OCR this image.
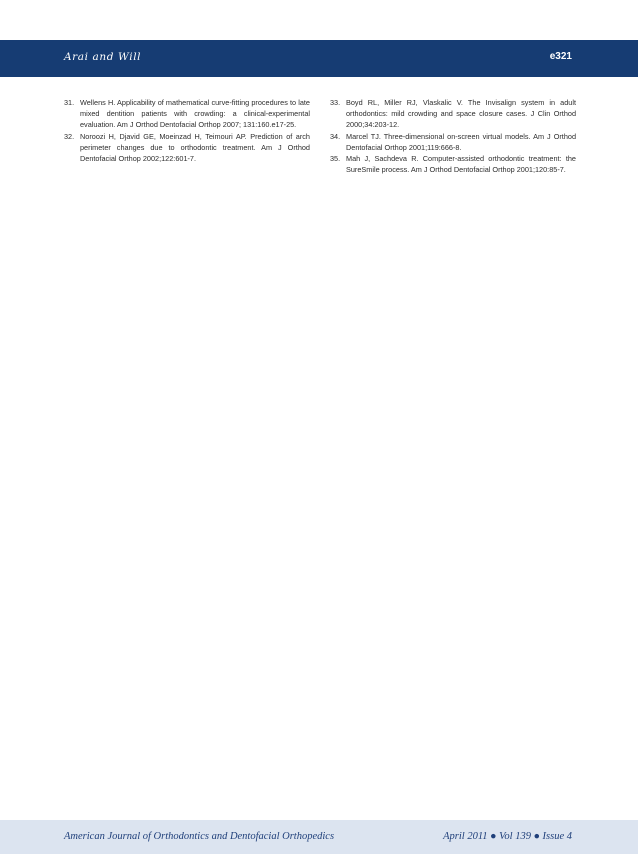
Arai and Will	e321

31. Wellens H. Applicability of mathematical curve-fitting procedures to late mixed dentition patients with crowding: a clinical-experimental evaluation. Am J Orthod Dentofacial Orthop 2007; 131:160.e17-25.

32. Noroozi H, Djavid GE, Moeinzad H, Teimouri AP. Prediction of arch perimeter changes due to orthodontic treatment. Am J Orthod Dentofacial Orthop 2002;122:601-7.

33. Boyd RL, Miller RJ, Vlaskalic V. The Invisalign system in adult orthodontics: mild crowding and space closure cases. J Clin Orthod 2000;34:203-12.

34. Marcel TJ. Three-dimensional on-screen virtual models. Am J Orthod Dentofacial Orthop 2001;119:666-8.

35. Mah J, Sachdeva R. Computer-assisted orthodontic treatment: the SureSmile process. Am J Orthod Dentofacial Orthop 2001;120:85-7.

American Journal of Orthodontics and Dentofacial Orthopedics	April 2011 ● Vol 139 ● Issue 4
